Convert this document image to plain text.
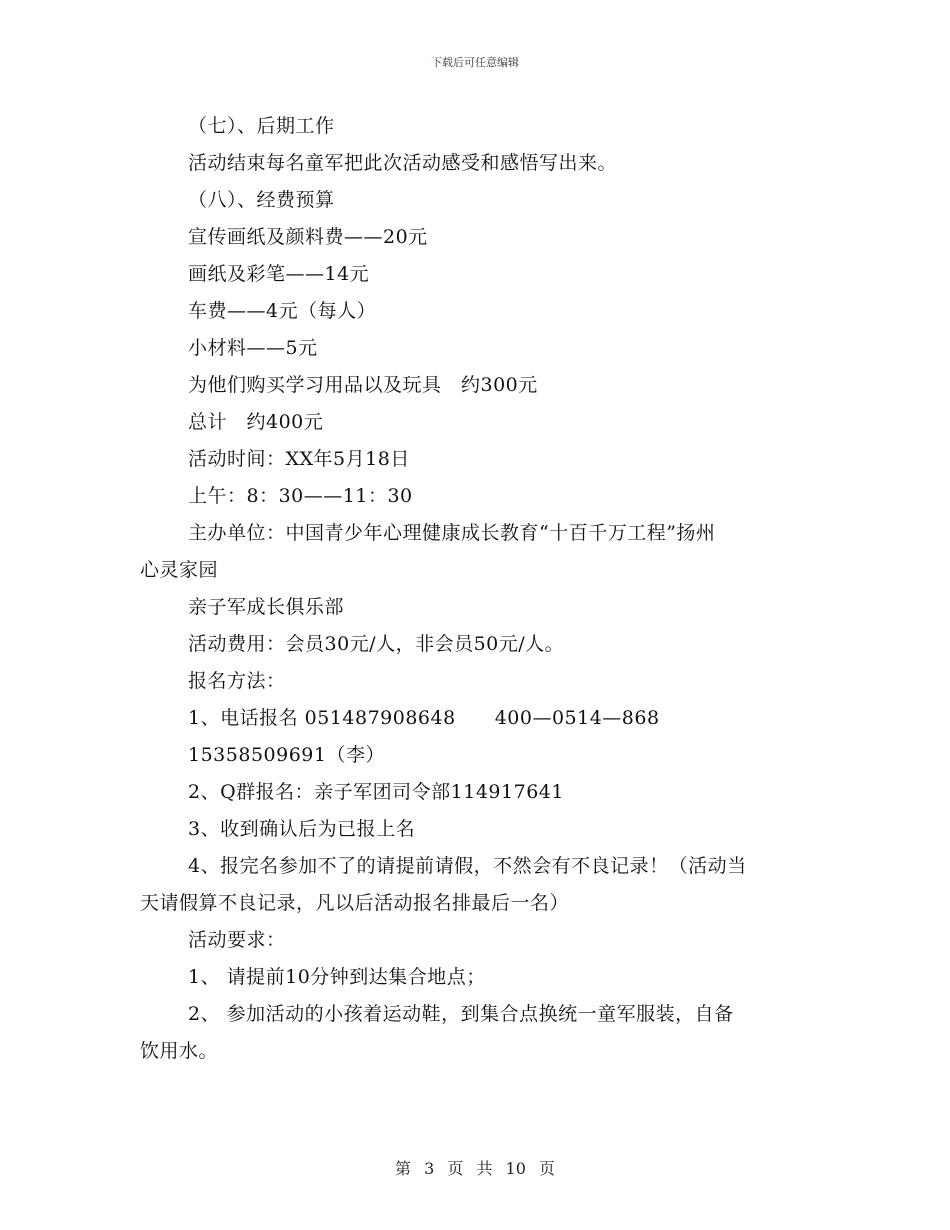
下载后可任意编辑
（七）、后期工作
活动结束每名童军把此次活动感受和感悟写出来。
（八）、经费预算
宣传画纸及颜料费——20元
画纸及彩笔——14元
车费——4元（每人）
小材料——5元
为他们购买学习用品以及玩具　约300元
总计　约400元
活动时间：XX年5月18日
上午：8：30——11：30
主办单位：中国青少年心理健康成长教育“十百千万工程”扬州
心灵家园
亲子军成长俱乐部
活动费用：会员30元/人，非会员50元/人。
报名方法：
1、电话报名 051487908648　　400—0514—868
15358509691（李）
2、Q群报名：亲子军团司令部114917641
3、收到确认后为已报上名
4、报完名参加不了的请提前请假，不然会有不良记录！（活动当
天请假算不良记录，凡以后活动报名排最后一名）
活动要求：
1、 请提前10分钟到达集合地点；
2、 参加活动的小孩着运动鞋，到集合点换统一童军服装，自备
饮用水。
第 3 页 共 10 页
